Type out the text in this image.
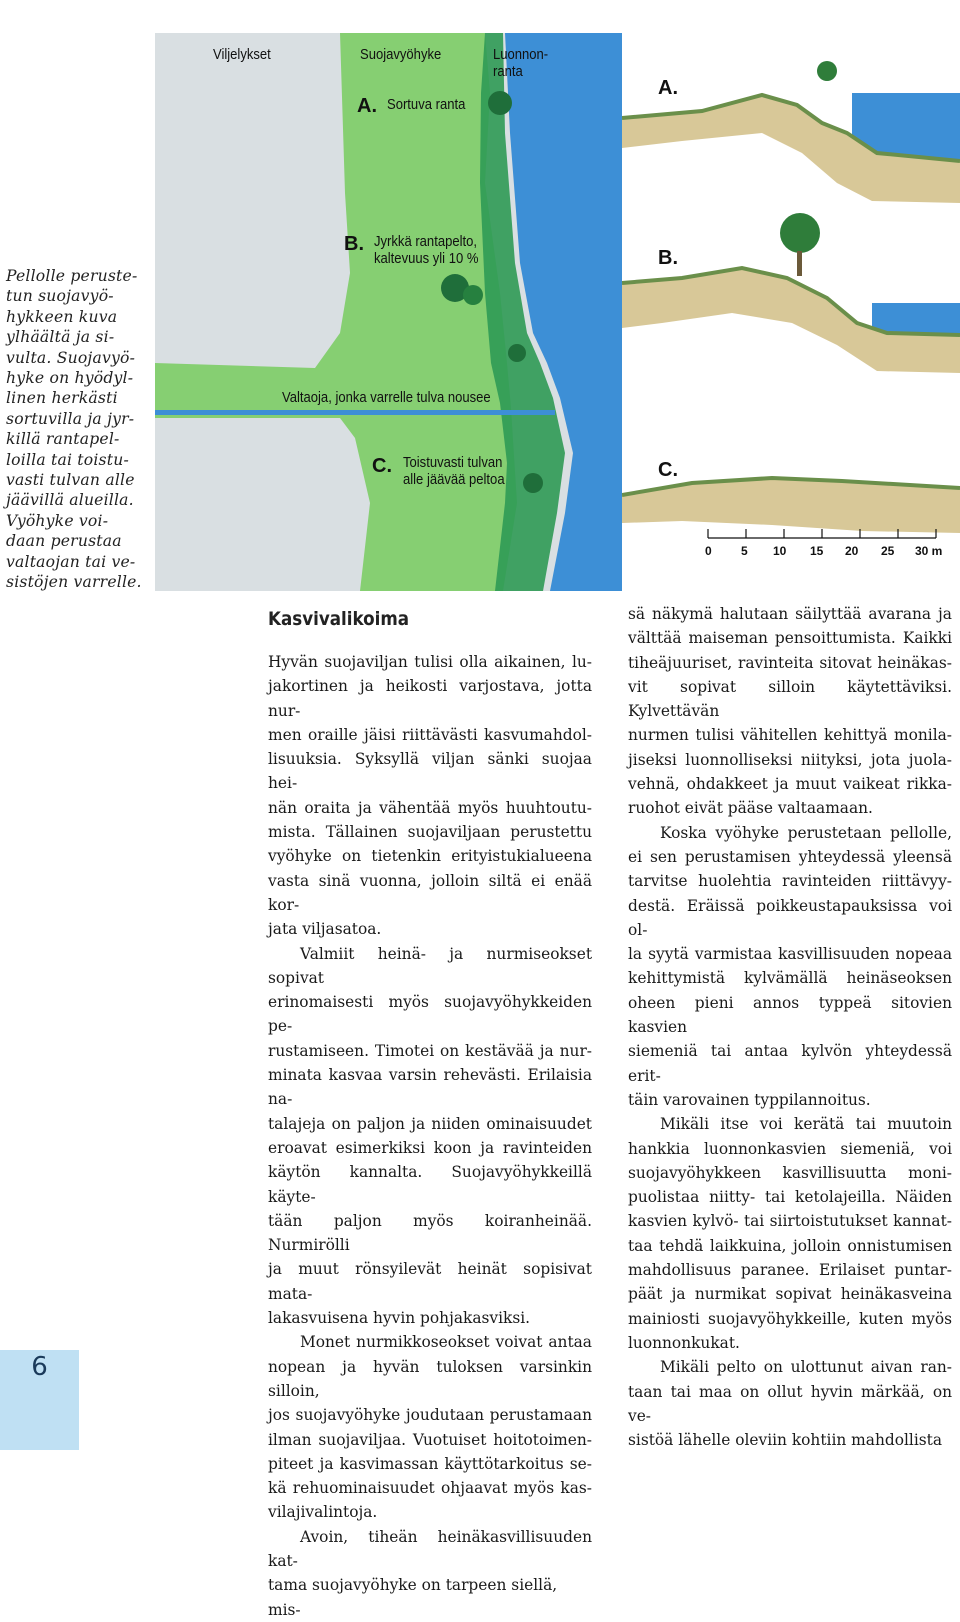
Pellolle peruste-
tun suojavyö-
hykkeen kuva
ylhäältä ja si-
vulta. Suojavyö-
hyke on hyödyl-
linen herkästi
sortuvilla ja jyr-
killä rantapel-
loilla tai toistu-
vasti tulvan alle
jäävillä alueilla.
Vyöhyke voi-
daan perustaa
valtaojan tai ve-
sistöjen varrelle.
Viljelykset	Suojavyöhyke	Luonnon-
ranta
A. Sortuva ranta
B. Jyrkkä rantapelto,
kaltevuus yli 10 %
Valtaoja, jonka varrelle tulva nousee
C. Toistuvasti tulvan
alle jäävää peltoa
A.
B.
C.
0 5 10 15 20 25 30 m
Kasvivalikoima
Hyvän suojaviljan tulisi olla aikainen, lu-
jakortinen ja heikosti varjostava, jotta nur-
men oraille jäisi riittävästi kasvumahdol-
lisuuksia. Syksyllä viljan sänki suojaa hei-
nän oraita ja vähentää myös huuhtoutu-
mista. Tällainen suojaviljaan perustettu
vyöhyke on tietenkin erityistukialueena
vasta sinä vuonna, jolloin siltä ei enää kor-
jata viljasatoa.
Valmiit heinä- ja nurmiseokset sopivat
erinomaisesti myös suojavyöhykkeiden pe-
rustamiseen. Timotei on kestävää ja nur-
minata kasvaa varsin rehevästi. Erilaisia na-
talajeja on paljon ja niiden ominaisuudet
eroavat esimerkiksi koon ja ravinteiden
käytön kannalta. Suojavyöhykkeillä käyte-
tään paljon myös koiranheinää. Nurmirölli
ja muut rönsyilevät heinät sopisivat mata-
lakasvuisena hyvin pohjakasviksi.
Monet nurmikkoseokset voivat antaa
nopean ja hyvän tuloksen varsinkin silloin,
jos suojavyöhyke joudutaan perustamaan
ilman suojaviljaa. Vuotuiset hoitotoimen-
piteet ja kasvimassan käyttötarkoitus se-
kä rehuominaisuudet ohjaavat myös kas-
vilajivalintoja.
Avoin, tiheän heinäkasvillisuuden kat-
tama suojavyöhyke on tarpeen siellä, mis-
sä näkymä halutaan säilyttää avarana ja
välttää maiseman pensoittumista. Kaikki
tiheäjuuriset, ravinteita sitovat heinäkas-
vit sopivat silloin käytettäviksi. Kylvettävän
nurmen tulisi vähitellen kehittyä monila-
jiseksi luonnolliseksi niityksi, jota juola-
vehnä, ohdakkeet ja muut vaikeat rikka-
ruohot eivät pääse valtaamaan.
Koska vyöhyke perustetaan pellolle,
ei sen perustamisen yhteydessä yleensä
tarvitse huolehtia ravinteiden riittävyy-
destä. Eräissä poikkeustapauksissa voi ol-
la syytä varmistaa kasvillisuuden nopeaa
kehittymistä kylvämällä heinäseoksen
oheen pieni annos typpeä sitovien kasvien
siemeniä tai antaa kylvön yhteydessä erit-
täin varovainen typpilannoitus.
Mikäli itse voi kerätä tai muutoin
hankkia luonnonkasvien siemeniä, voi
suojavyöhykkeen kasvillisuutta moni-
puolistaa niitty- tai ketolajeilla. Näiden
kasvien kylvö- tai siirtoistutukset kannat-
taa tehdä laikkuina, jolloin onnistumisen
mahdollisuus paranee. Erilaiset puntar-
päät ja nurmikat sopivat heinäkasveina
mainiosti suojavyöhykkeille, kuten myös
luonnonkukat.
Mikäli pelto on ulottunut aivan ran-
taan tai maa on ollut hyvin märkää, on ve-
sistöä lähelle oleviin kohtiin mahdollista
6
